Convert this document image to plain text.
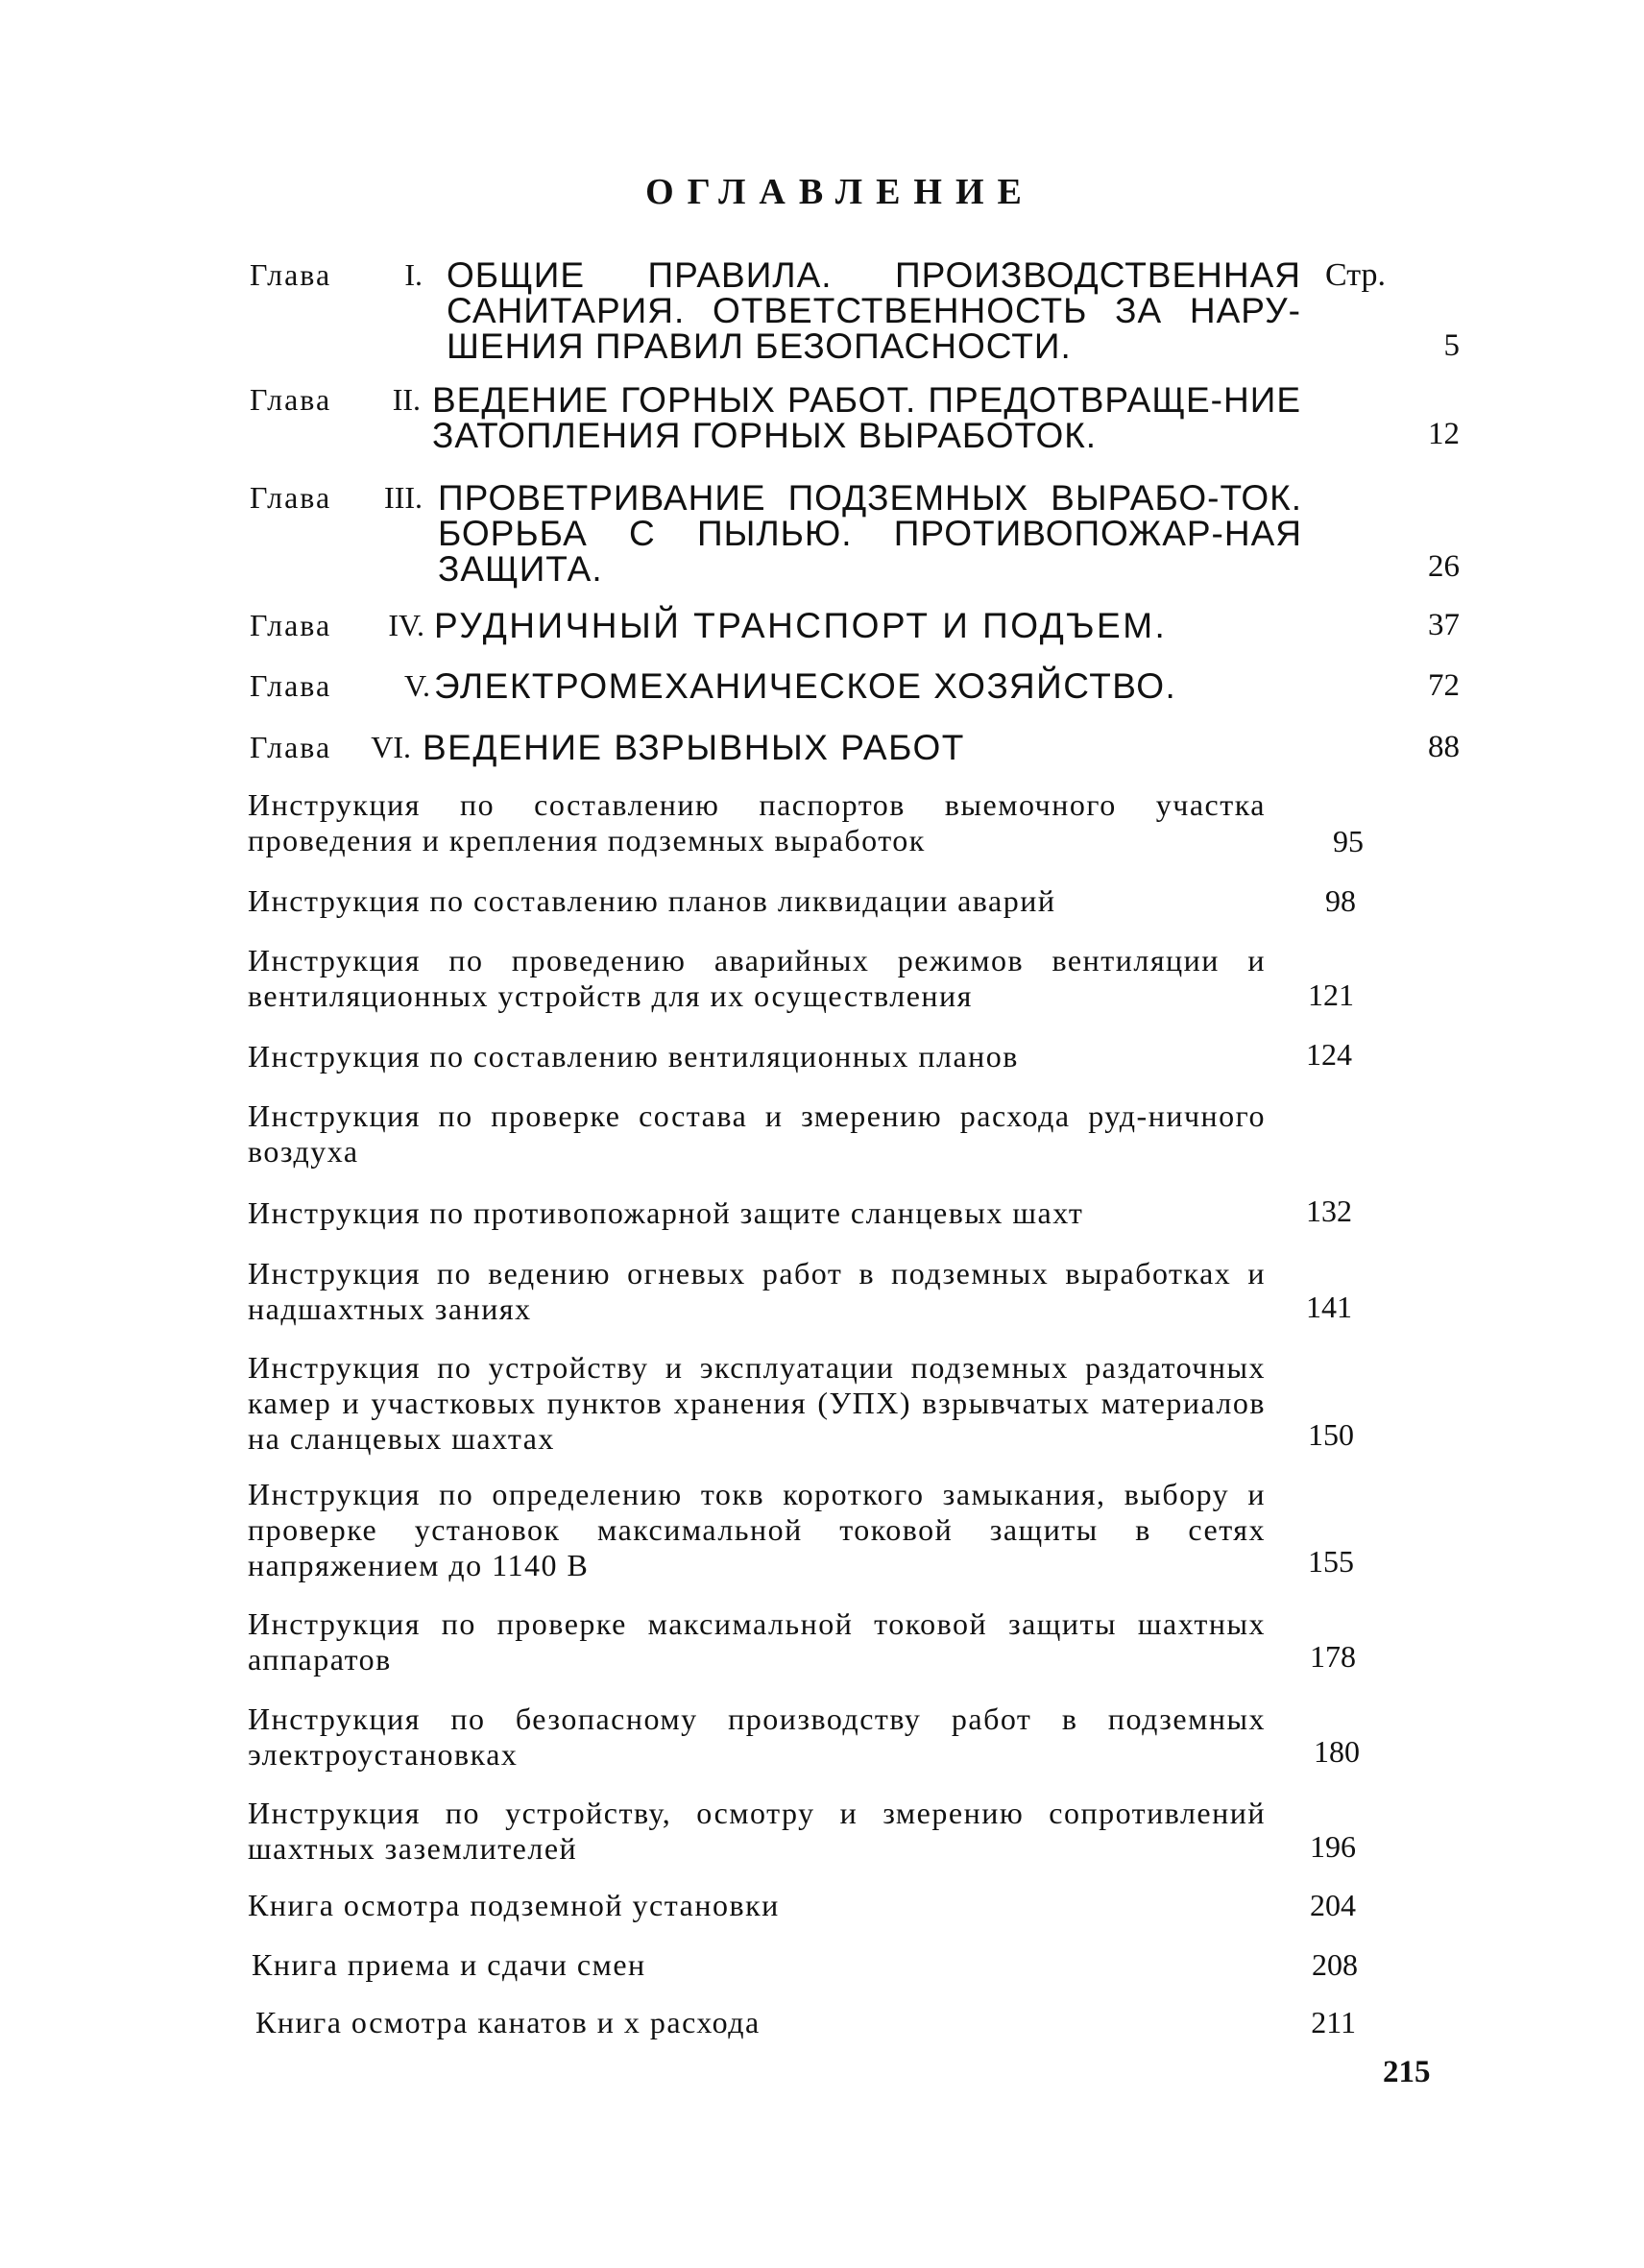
ОГЛАВЛЕНИЕ
Стр.
Глава	I. ОБЩИЕ ПРАВИЛА. ПРОИЗВОДСТВЕННАЯ САНИТАРИЯ. ОТВЕТСТВЕННОСТЬ ЗА НАРУ-ШЕНИЯ ПРАВИЛ БЕЗОПАСНОСТИ.	5
Глава	II. ВЕДЕНИЕ ГОРНЫХ РАБОТ. ПРЕДОТВРАЩЕ-НИЕ ЗАТОПЛЕНИЯ ГОРНЫХ ВЫРАБОТОК.	12
Глава	III. ПРОВЕТРИВАНИЕ ПОДЗЕМНЫХ ВЫРАБО-ТОК. БОРЬБА С ПЫЛЬЮ. ПРОТИВОПОЖАР-НАЯ ЗАЩИТА.	26
Глава	IV. РУДНИЧНЫЙ ТРАНСПОРТ И ПОДЪЕМ.	37
Глава	V. ЭЛЕКТРОМЕХАНИЧЕСКОЕ ХОЗЯЙСТВО.	72
Глава	VI. ВЕДЕНИЕ ВЗРЫВНЫХ РАБОТ	88
Инструкция по составлению паспортов выемочного участка проведения и крепления подземных выработок	95
Инструкция по составлению планов ликвидации аварий	98
Инструкция по проведению аварийных режимов вентиляции и вентиляционных устройств для их осуществления	121
Инструкция по составлению вентиляционных планов	124
Инструкция по проверке состава и змерению расхода руд-ничного воздуха
Инструкция по противопожарной защите сланцевых шахт	132
Инструкция по ведению огневых работ в подземных выработках и надшахтных заниях	141
Инструкция по устройству и эксплуатации подземных раздаточных камер и участковых пунктов хранения (УПХ) взрывчатых материалов на сланцевых шахтах	150
Инструкция по определению токв короткого замыкания, выбору и проверке установок максимальной токовой защиты в сетях напряжением до 1140 В	155
Инструкция по проверке максимальной токовой защиты шахтных аппаратов	178
Инструкция по безопасному производству работ в подземных электроустановках	180
Инструкция по устройству, осмотру и змерению сопротивлений шахтных заземлителей	196
Книга осмотра подземной установки	204
Книга приема и сдачи смен	208
Книга осмотра канатов и х расхода	211
215
